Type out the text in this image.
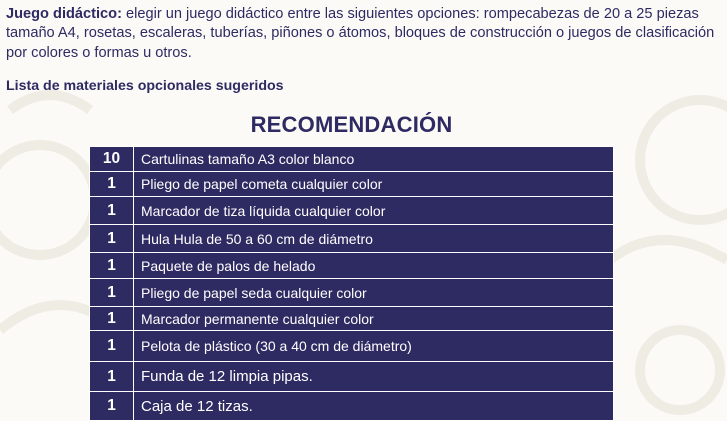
Juego didáctico: elegir un juego didáctico entre las siguientes opciones: rompecabezas de 20 a 25 piezas tamaño A4, rosetas, escaleras, tuberías, piñones o átomos, bloques de construcción o juegos de clasificación por colores o formas u otros.
Lista de materiales opcionales sugeridos
RECOMENDACIÓN
10	Cartulinas tamaño A3 color blanco
1	Pliego de papel cometa cualquier color
1	Marcador de tiza líquida cualquier color
1	Hula Hula de 50 a 60 cm de diámetro
1	Paquete de palos de helado
1	Pliego de papel seda cualquier color
1	Marcador permanente cualquier color
1	Pelota de plástico (30 a 40 cm de diámetro)
1	Funda de 12 limpia pipas.
1	Caja de 12 tizas.
